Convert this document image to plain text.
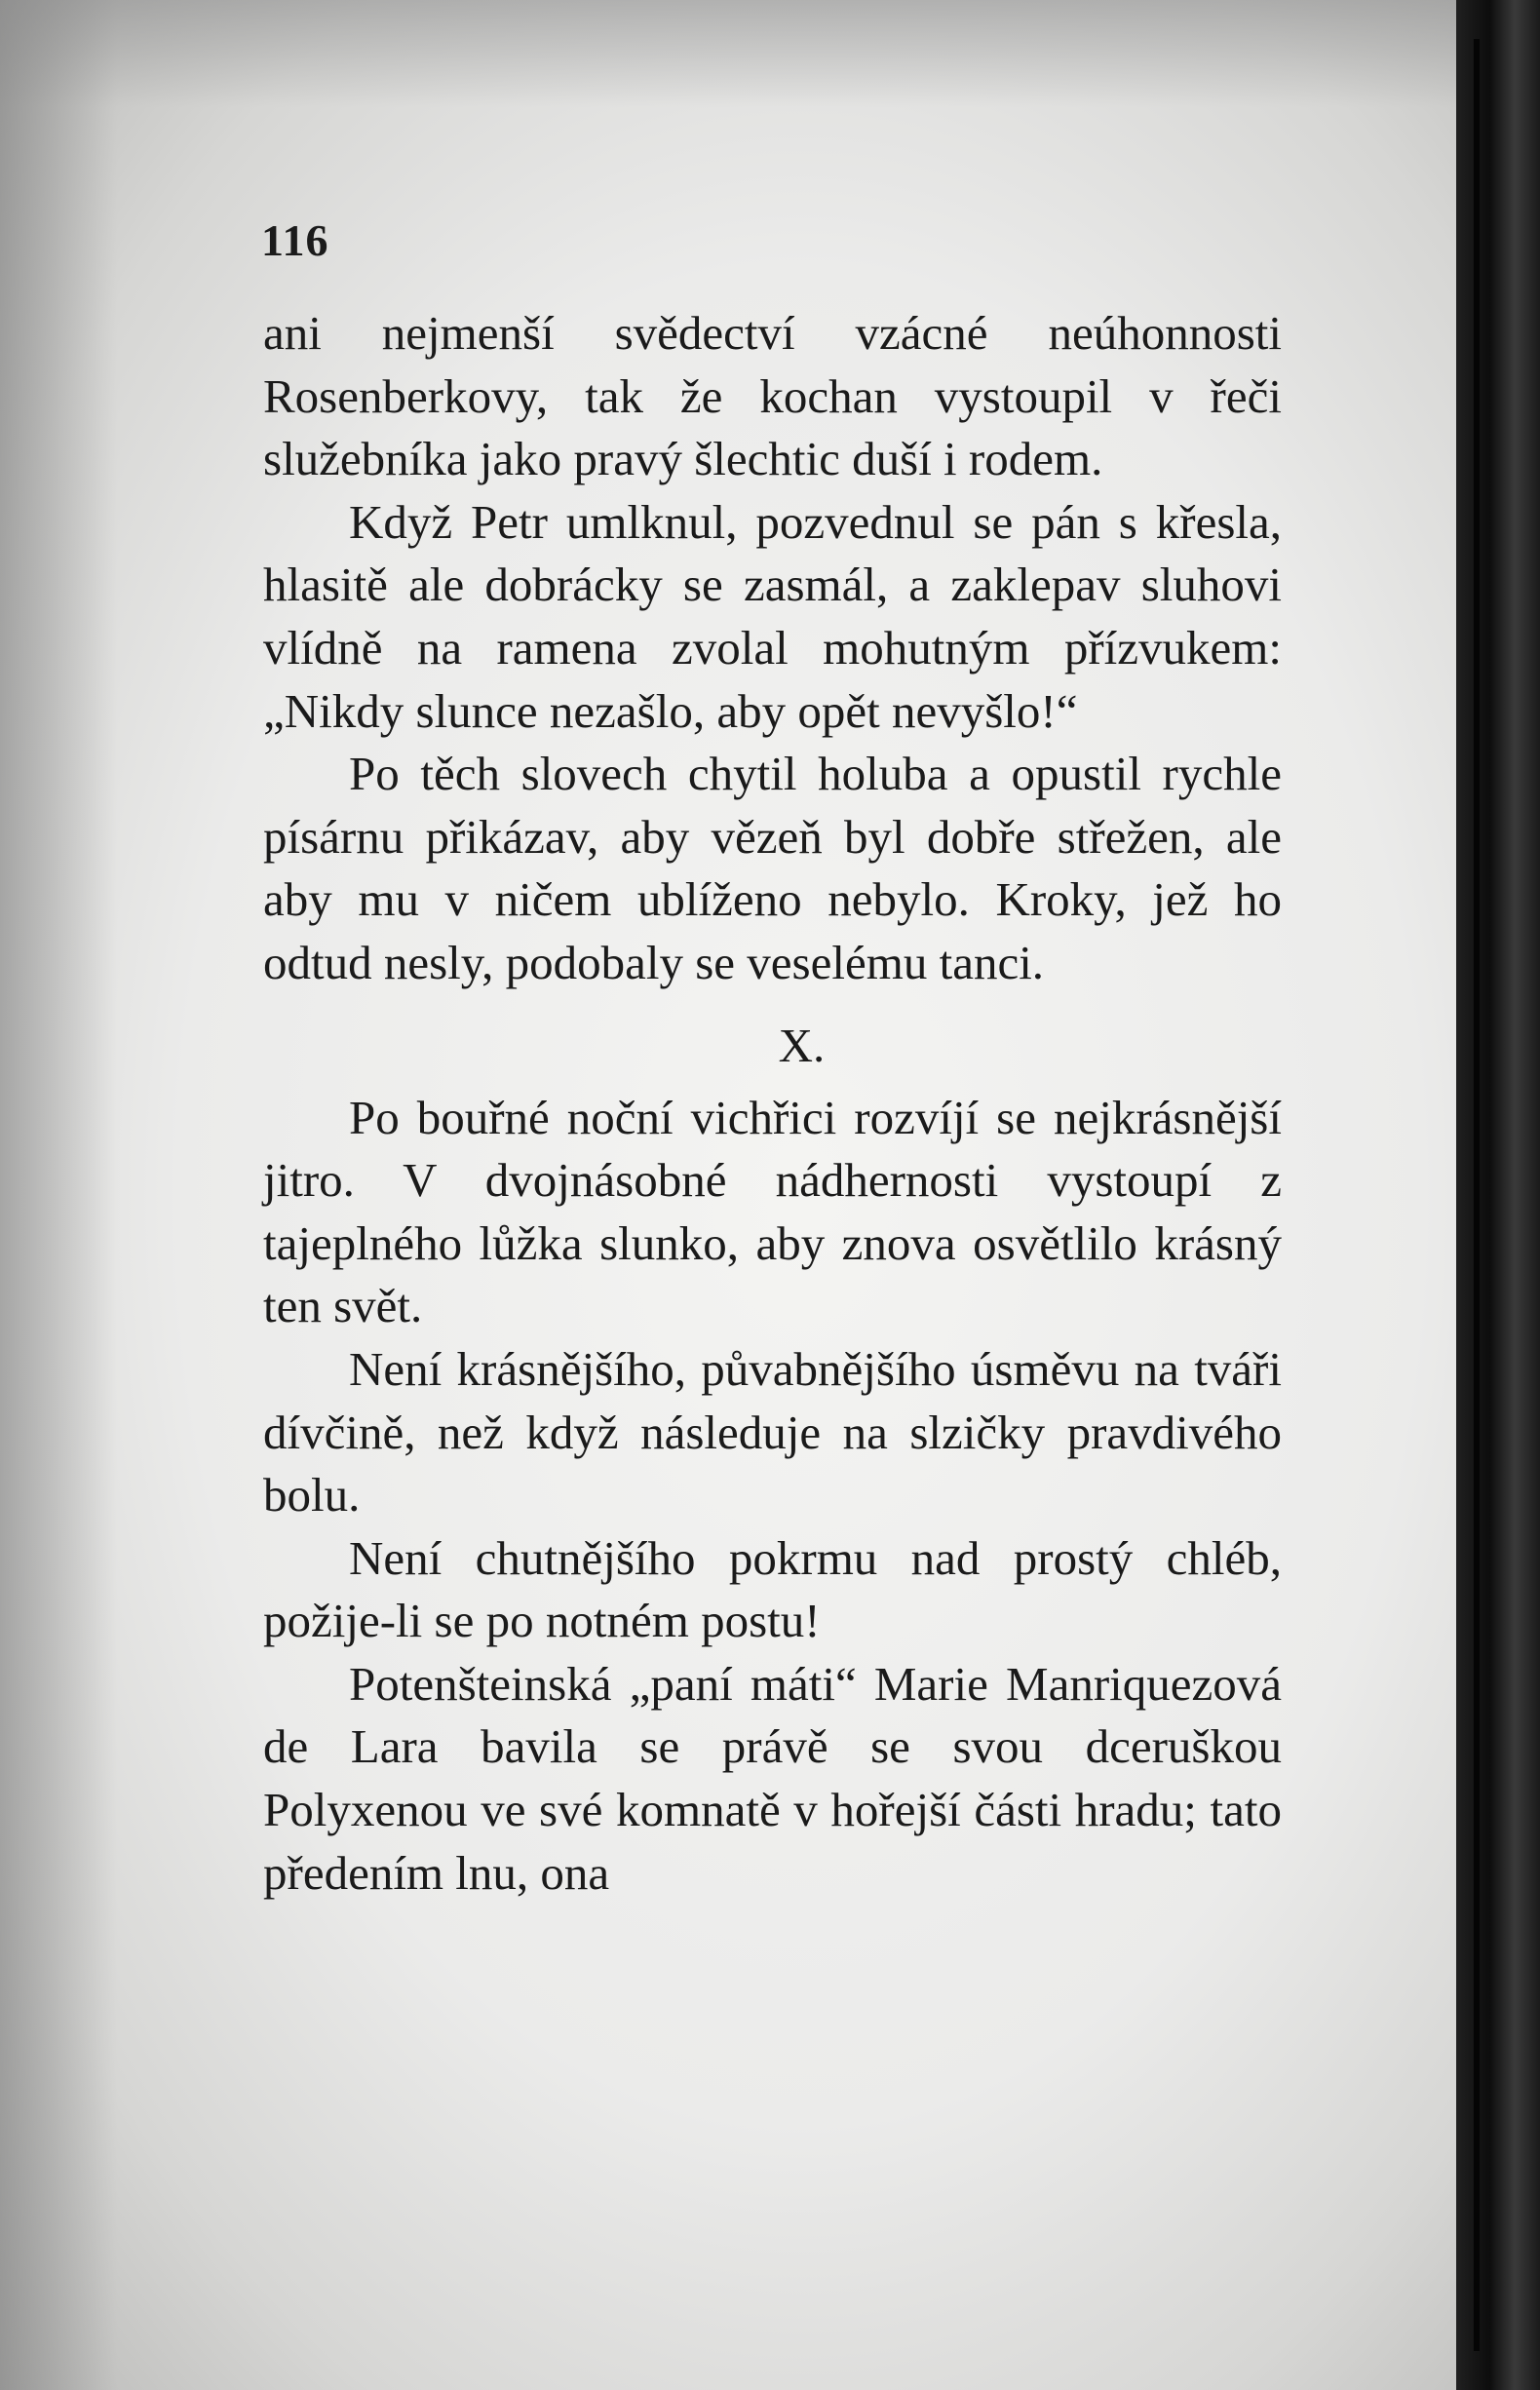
116

ani nejmenší svědectví vzácné neúhonnosti Rosenberkovy, tak že kochan vystoupil v řeči služebníka jako pravý šlechtic duší i rodem.

Když Petr umlknul, pozvednul se pán s křesla, hlasitě ale dobrácky se zasmál, a zaklepav sluhovi vlídně na ramena zvolal mohutným přízvukem: „Nikdy slunce nezašlo, aby opět nevyšlo!“

Po těch slovech chytil holuba a opustil rychle písárnu přikázav, aby vězeň byl dobře střežen, ale aby mu v ničem ublíženo nebylo. Kroky, jež ho odtud nesly, podobaly se veselému tanci.

X.

Po bouřné noční vichřici rozvíjí se nejkrásnější jitro. V dvojnásobné nádhernosti vystoupí z tajeplného lůžka slunko, aby znova osvětlilo krásný ten svět.

Není krásnějšího, půvabnějšího úsměvu na tváři dívčině, než když následuje na slzičky pravdivého bolu.

Není chutnějšího pokrmu nad prostý chléb, požije-li se po notném postu!

Potenšteinská „paní máti“ Marie Manriquezová de Lara bavila se právě se svou dceruškou Polyxenou ve své komnatě v hořejší části hradu; tato předením lnu, ona
